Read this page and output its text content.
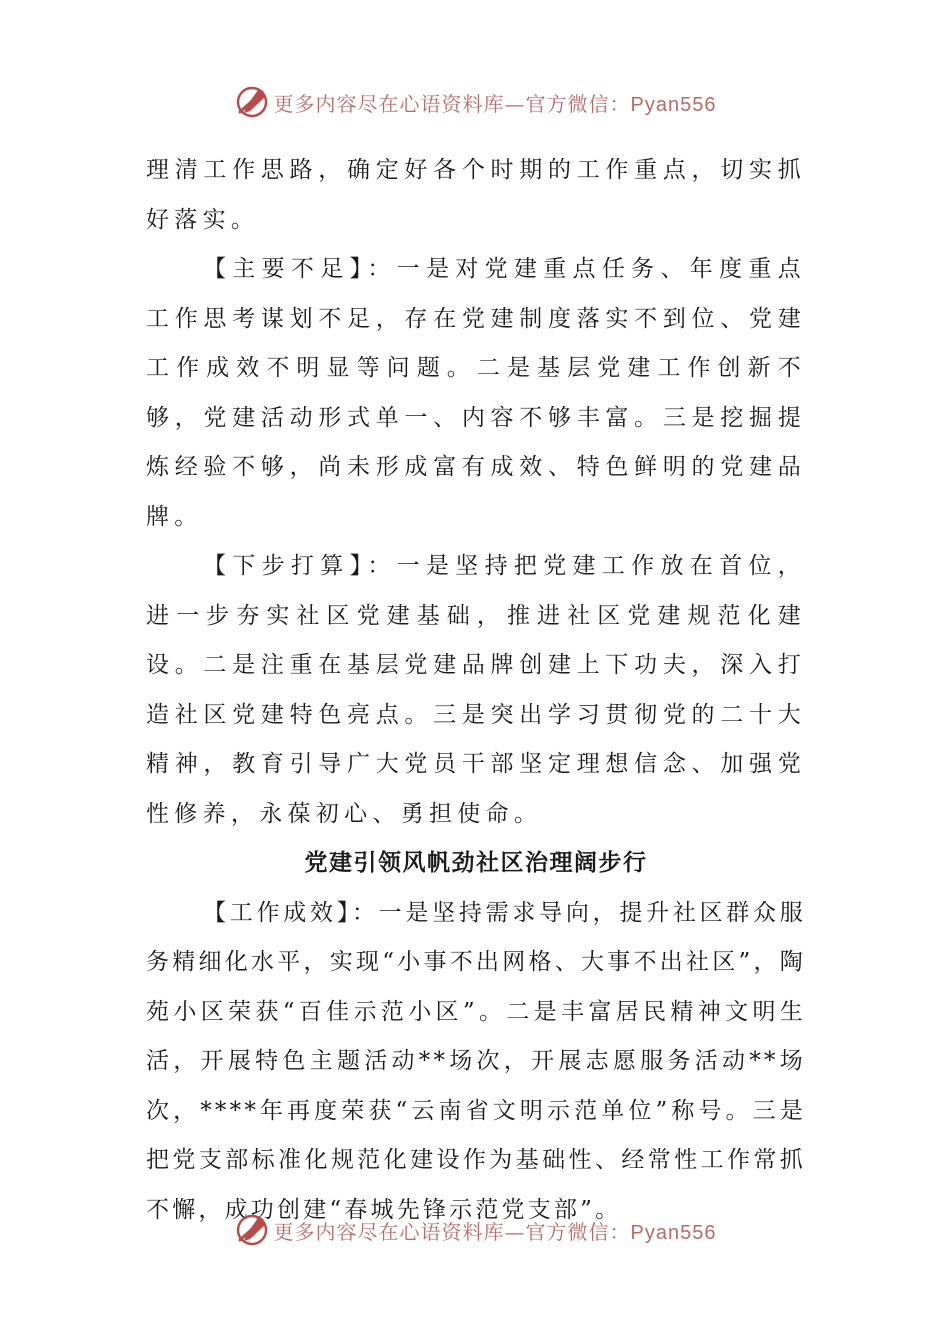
更多内容尽在心语资料库—官方微信：Pyan556

理清工作思路，确定好各个时期的工作重点，切实抓好落实。

【主要不足】：一是对党建重点任务、年度重点工作思考谋划不足，存在党建制度落实不到位、党建工作成效不明显等问题。二是基层党建工作创新不够，党建活动形式单一、内容不够丰富。三是挖掘提炼经验不够，尚未形成富有成效、特色鲜明的党建品牌。

【下步打算】：一是坚持把党建工作放在首位，进一步夯实社区党建基础，推进社区党建规范化建设。二是注重在基层党建品牌创建上下功夫，深入打造社区党建特色亮点。三是突出学习贯彻党的二十大精神，教育引导广大党员干部坚定理想信念、加强党性修养，永葆初心、勇担使命。

党建引领风帆劲社区治理阔步行

【工作成效】：一是坚持需求导向，提升社区群众服务精细化水平，实现“小事不出网格、大事不出社区”，陶苑小区荣获“百佳示范小区”。二是丰富居民精神文明生活，开展特色主题活动**场次，开展志愿服务活动**场次，****年再度荣获“云南省文明示范单位”称号。三是把党支部标准化规范化建设作为基础性、经常性工作常抓不懈，成功创建“春城先锋示范党支部”。

更多内容尽在心语资料库—官方微信：Pyan556
